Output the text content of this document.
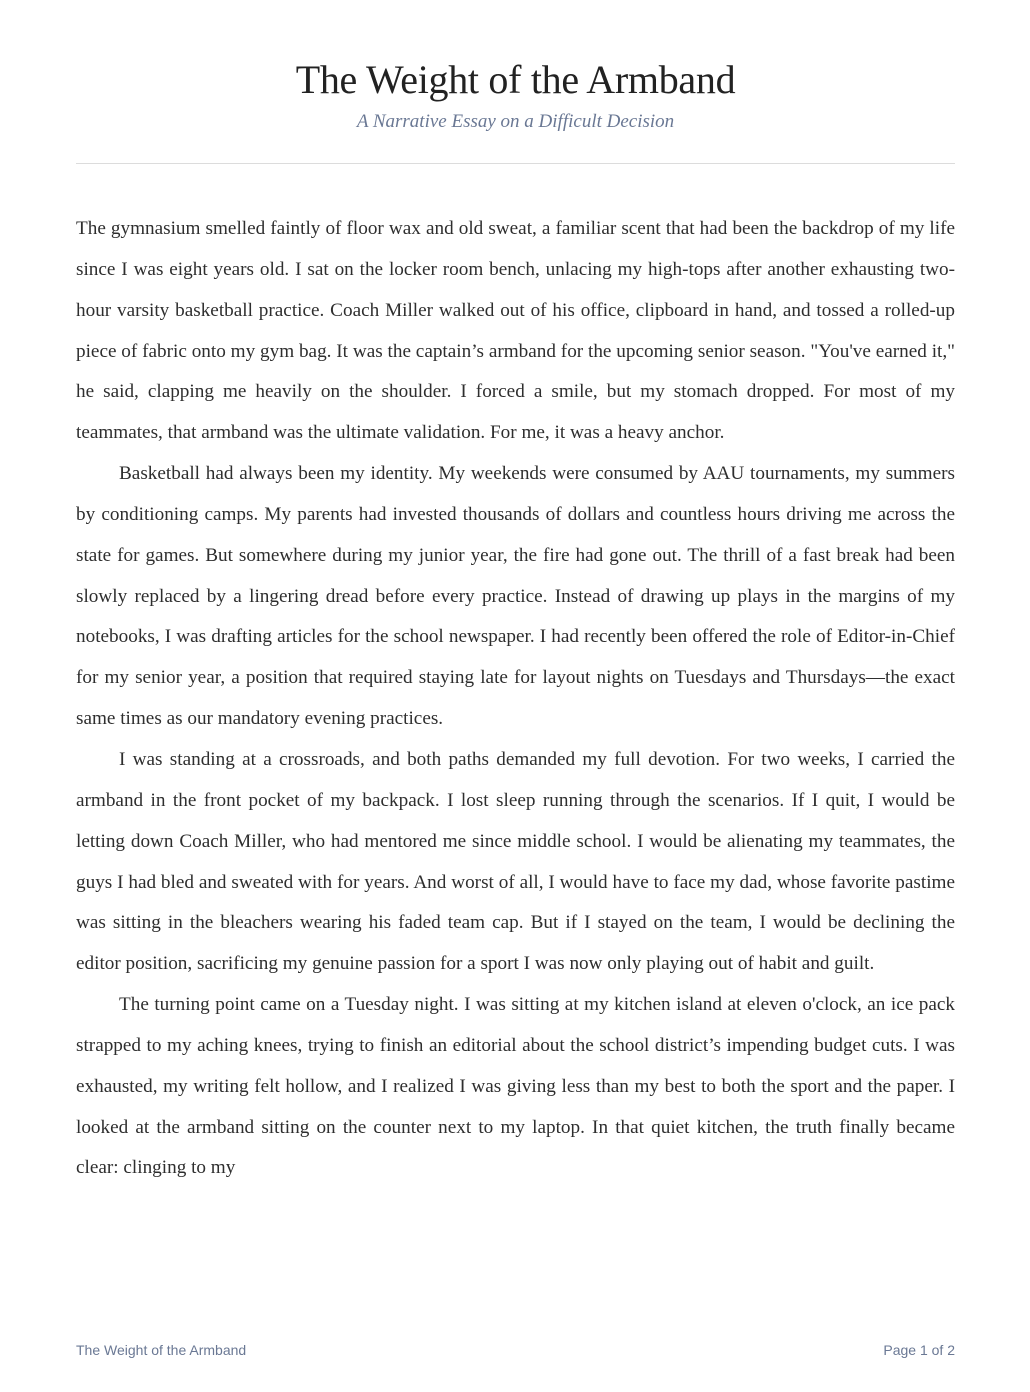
The Weight of the Armband
A Narrative Essay on a Difficult Decision

The gymnasium smelled faintly of floor wax and old sweat, a familiar scent that had been the backdrop of my life since I was eight years old. I sat on the locker room bench, unlacing my high-tops after another exhausting two-hour varsity basketball practice. Coach Miller walked out of his office, clipboard in hand, and tossed a rolled-up piece of fabric onto my gym bag. It was the captain’s armband for the upcoming senior season. "You've earned it," he said, clapping me heavily on the shoulder. I forced a smile, but my stomach dropped. For most of my teammates, that armband was the ultimate validation. For me, it was a heavy anchor.

Basketball had always been my identity. My weekends were consumed by AAU tournaments, my summers by conditioning camps. My parents had invested thousands of dollars and countless hours driving me across the state for games. But somewhere during my junior year, the fire had gone out. The thrill of a fast break had been slowly replaced by a lingering dread before every practice. Instead of drawing up plays in the margins of my notebooks, I was drafting articles for the school newspaper. I had recently been offered the role of Editor-in-Chief for my senior year, a position that required staying late for layout nights on Tuesdays and Thursdays—the exact same times as our mandatory evening practices.

I was standing at a crossroads, and both paths demanded my full devotion. For two weeks, I carried the armband in the front pocket of my backpack. I lost sleep running through the scenarios. If I quit, I would be letting down Coach Miller, who had mentored me since middle school. I would be alienating my teammates, the guys I had bled and sweated with for years. And worst of all, I would have to face my dad, whose favorite pastime was sitting in the bleachers wearing his faded team cap. But if I stayed on the team, I would be declining the editor position, sacrificing my genuine passion for a sport I was now only playing out of habit and guilt.

The turning point came on a Tuesday night. I was sitting at my kitchen island at eleven o'clock, an ice pack strapped to my aching knees, trying to finish an editorial about the school district’s impending budget cuts. I was exhausted, my writing felt hollow, and I realized I was giving less than my best to both the sport and the paper. I looked at the armband sitting on the counter next to my laptop. In that quiet kitchen, the truth finally became clear: clinging to my

The Weight of the Armband	Page 1 of 2
